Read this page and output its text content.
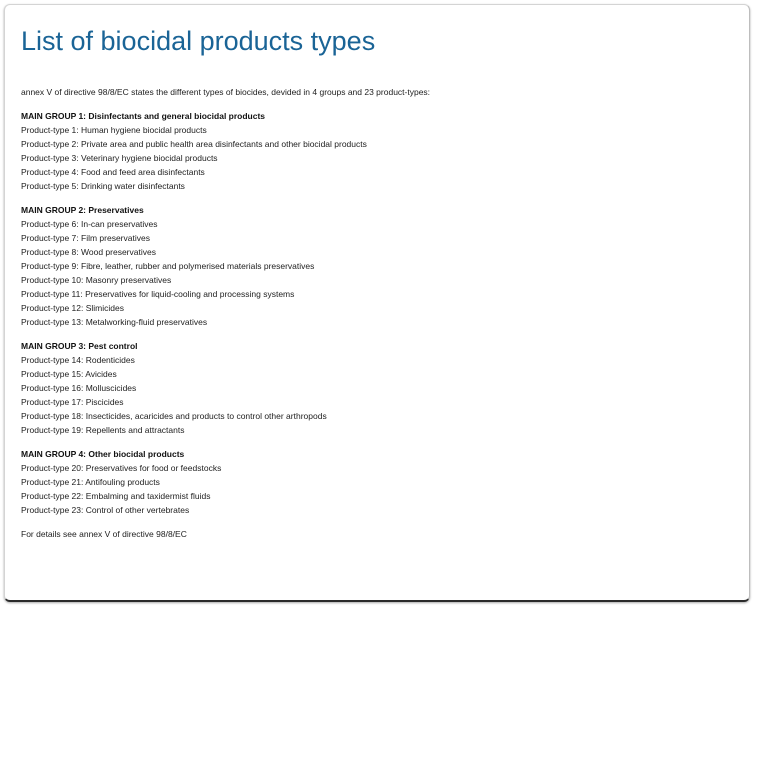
List of biocidal products types
annex V of directive 98/8/EC states the different types of biocides, devided in 4 groups and 23 product-types:
MAIN GROUP 1: Disinfectants and general biocidal products
Product-type 1: Human hygiene biocidal products
Product-type 2: Private area and public health area disinfectants and other biocidal products
Product-type 3: Veterinary hygiene biocidal products
Product-type 4: Food and feed area disinfectants
Product-type 5: Drinking water disinfectants
MAIN GROUP 2: Preservatives
Product-type 6: In-can preservatives
Product-type 7: Film preservatives
Product-type 8: Wood preservatives
Product-type 9: Fibre, leather, rubber and polymerised materials preservatives
Product-type 10: Masonry preservatives
Product-type 11: Preservatives for liquid-cooling and processing systems
Product-type 12: Slimicides
Product-type 13: Metalworking-fluid preservatives
MAIN GROUP 3: Pest control
Product-type 14: Rodenticides
Product-type 15: Avicides
Product-type 16: Molluscicides
Product-type 17: Piscicides
Product-type 18: Insecticides, acaricides and products to control other arthropods
Product-type 19: Repellents and attractants
MAIN GROUP 4: Other biocidal products
Product-type 20: Preservatives for food or feedstocks
Product-type 21: Antifouling products
Product-type 22: Embalming and taxidermist fluids
Product-type 23: Control of other vertebrates
For details see annex V of directive 98/8/EC
